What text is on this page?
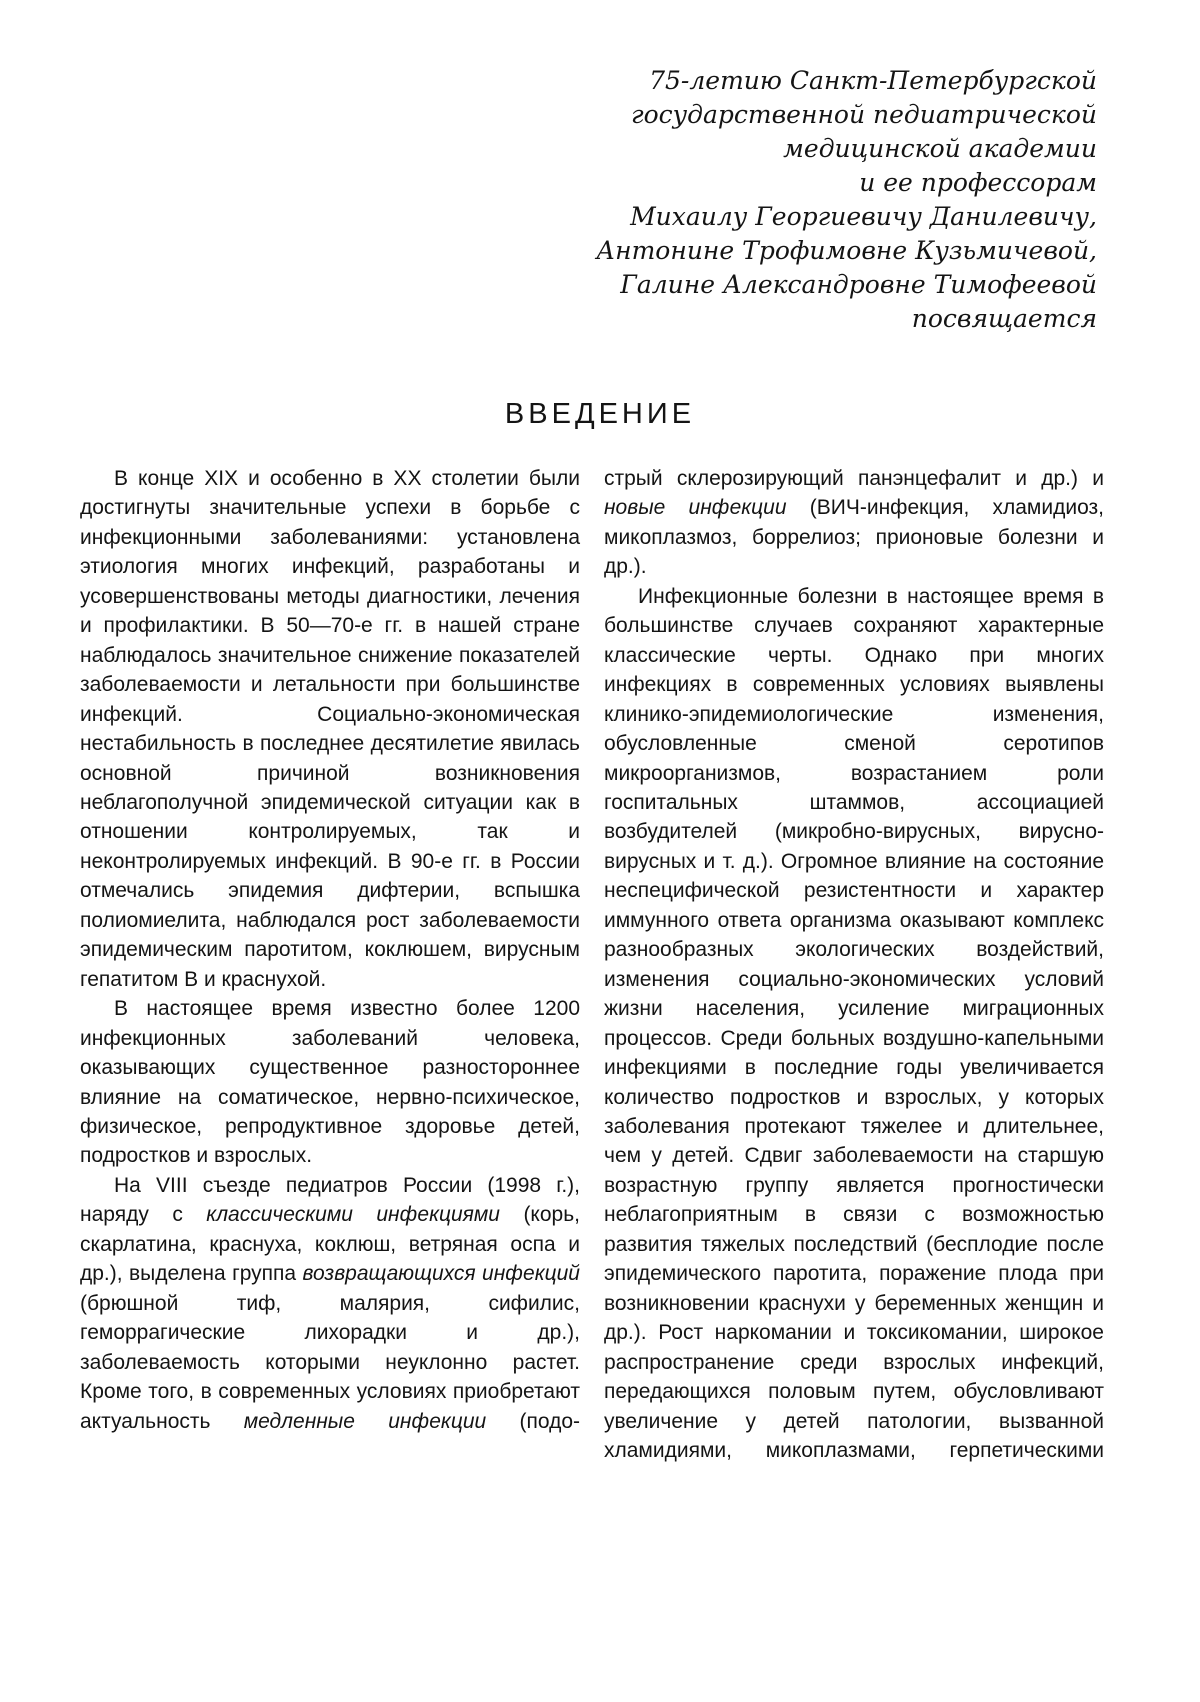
75-летию Санкт-Петербургской
государственной педиатрической
медицинской академии
и ее профессорам
Михаилу Георгиевичу Данилевичу,
Антонине Трофимовне Кузьмичевой,
Галине Александровне Тимофеевой
посвящается
ВВЕДЕНИЕ

В конце XIX и особенно в XX столетии были достигнуты значительные успехи в борьбе с инфекционными заболеваниями: установлена этиология многих инфекций, разработаны и усовершенствованы методы диагностики, лечения и профилактики. В 50—70-е гг. в нашей стране наблюдалось значительное снижение показателей заболеваемости и летальности при большинстве инфекций. Социально-экономическая нестабильность в последнее десятилетие явилась основной причиной возникновения неблагополучной эпидемической ситуации как в отношении контролируемых, так и неконтролируемых инфекций. В 90-е гг. в России отмечались эпидемия дифтерии, вспышка полиомиелита, наблюдался рост заболеваемости эпидемическим паротитом, коклюшем, вирусным гепатитом В и краснухой.

В настоящее время известно более 1200 инфекционных заболеваний человека, оказывающих существенное разностороннее влияние на соматическое, нервно-психическое, физическое, репродуктивное здоровье детей, подростков и взрослых.

На VIII съезде педиатров России (1998 г.), наряду с классическими инфекциями (корь, скарлатина, краснуха, коклюш, ветряная оспа и др.), выделена группа возвращающихся инфекций (брюшной тиф, малярия, сифилис, геморрагические лихорадки и др.), заболеваемость которыми неуклонно растет. Кроме того, в современных условиях приобретают актуальность медленные инфекции (подо-

стрый склерозирующий панэнцефалит и др.) и новые инфекции (ВИЧ-инфекция, хламидиоз, микоплазмоз, боррелиоз; прионовые болезни и др.).

Инфекционные болезни в настоящее время в большинстве случаев сохраняют характерные классические черты. Однако при многих инфекциях в современных условиях выявлены клинико-эпидемиологические изменения, обусловленные сменой серотипов микроорганизмов, возрастанием роли госпитальных штаммов, ассоциацией возбудителей (микробно-вирусных, вирусно-вирусных и т. д.). Огромное влияние на состояние неспецифической резистентности и характер иммунного ответа организма оказывают комплекс разнообразных экологических воздействий, изменения социально-экономических условий жизни населения, усиление миграционных процессов. Среди больных воздушно-капельными инфекциями в последние годы увеличивается количество подростков и взрослых, у которых заболевания протекают тяжелее и длительнее, чем у детей. Сдвиг заболеваемости на старшую возрастную группу является прогностически неблагоприятным в связи с возможностью развития тяжелых последствий (бесплодие после эпидемического паротита, поражение плода при возникновении краснухи у беременных женщин и др.). Рост наркомании и токсикомании, широкое распространение среди взрослых инфекций, передающихся половым путем, обусловливают увеличение у детей патологии, вызванной хламидиями, микоплазмами, герпетическими
